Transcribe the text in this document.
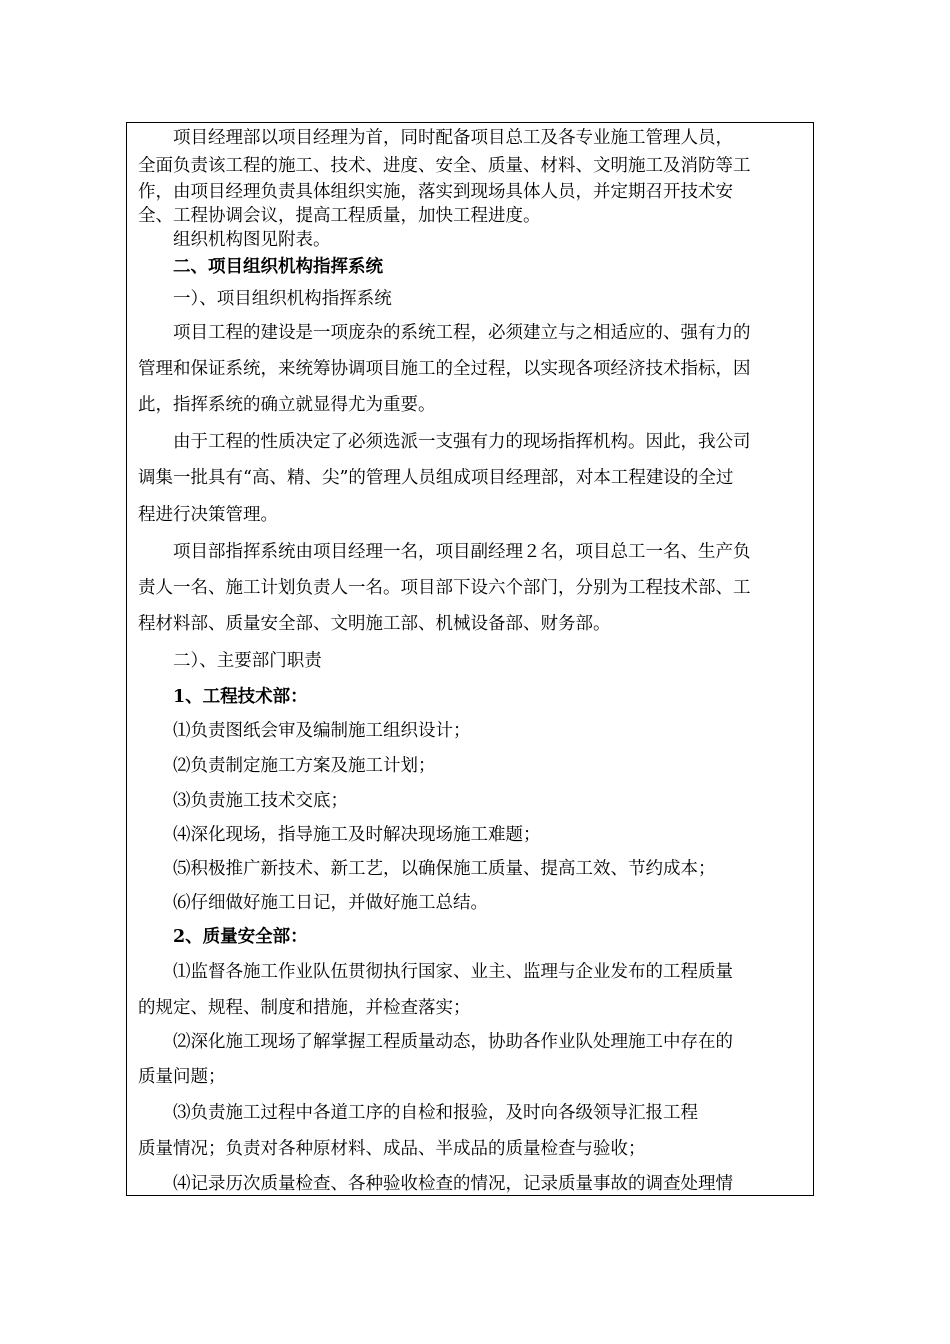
　　项目经理部以项目经理为首，同时配备项目总工及各专业施工管理人员，
全面负责该工程的施工、技术、进度、安全、质量、材料、文明施工及消防等工
作，由项目经理负责具体组织实施，落实到现场具体人员，并定期召开技术安
全、工程协调会议，提高工程质量，加快工程进度。
　　组织机构图见附表。
　　二、项目组织机构指挥系统
　　一）、项目组织机构指挥系统
　　项目工程的建设是一项庞杂的系统工程，必须建立与之相适应的、强有力的
管理和保证系统，来统筹协调项目施工的全过程，以实现各项经济技术指标，因
此，指挥系统的确立就显得尤为重要。
　　由于工程的性质决定了必须选派一支强有力的现场指挥机构。因此，我公司
调集一批具有“高、精、尖”的管理人员组成项目经理部，对本工程建设的全过
程进行决策管理。
　　项目部指挥系统由项目经理一名，项目副经理２名，项目总工一名、生产负
责人一名、施工计划负责人一名。项目部下设六个部门，分别为工程技术部、工
程材料部、质量安全部、文明施工部、机械设备部、财务部。
　　二）、主要部门职责
　　1、工程技术部：
　　⑴负责图纸会审及编制施工组织设计；
　　⑵负责制定施工方案及施工计划；
　　⑶负责施工技术交底；
　　⑷深化现场，指导施工及时解决现场施工难题；
　　⑸积极推广新技术、新工艺，以确保施工质量、提高工效、节约成本；
　　⑹仔细做好施工日记，并做好施工总结。
　　2、质量安全部：
　　⑴监督各施工作业队伍贯彻执行国家、业主、监理与企业发布的工程质量
的规定、规程、制度和措施，并检查落实；
　　⑵深化施工现场了解掌握工程质量动态，协助各作业队处理施工中存在的
质量问题；
　　⑶负责施工过程中各道工序的自检和报验，及时向各级领导汇报工程
质量情况；负责对各种原材料、成品、半成品的质量检查与验收；
　　⑷记录历次质量检查、各种验收检查的情况，记录质量事故的调查处理情
